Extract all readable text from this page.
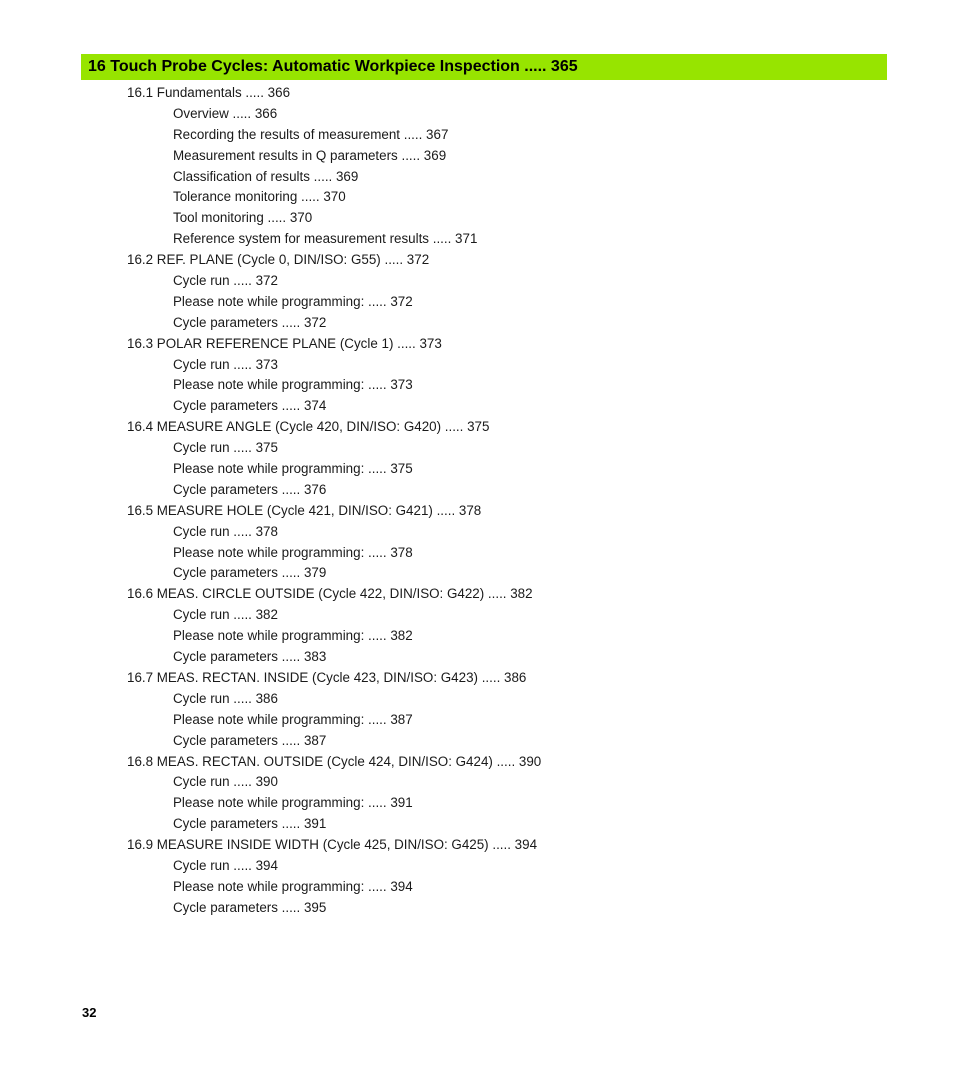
16 Touch Probe Cycles: Automatic Workpiece Inspection ..... 365
16.1 Fundamentals ..... 366
Overview ..... 366
Recording the results of measurement ..... 367
Measurement results in Q parameters ..... 369
Classification of results ..... 369
Tolerance monitoring ..... 370
Tool monitoring ..... 370
Reference system for measurement results ..... 371
16.2 REF. PLANE (Cycle 0, DIN/ISO: G55) ..... 372
Cycle run ..... 372
Please note while programming: ..... 372
Cycle parameters ..... 372
16.3 POLAR REFERENCE PLANE (Cycle 1) ..... 373
Cycle run ..... 373
Please note while programming: ..... 373
Cycle parameters ..... 374
16.4 MEASURE ANGLE (Cycle 420, DIN/ISO: G420) ..... 375
Cycle run ..... 375
Please note while programming: ..... 375
Cycle parameters ..... 376
16.5 MEASURE HOLE (Cycle 421, DIN/ISO: G421) ..... 378
Cycle run ..... 378
Please note while programming: ..... 378
Cycle parameters ..... 379
16.6 MEAS. CIRCLE OUTSIDE (Cycle 422, DIN/ISO: G422) ..... 382
Cycle run ..... 382
Please note while programming: ..... 382
Cycle parameters ..... 383
16.7 MEAS. RECTAN. INSIDE (Cycle 423, DIN/ISO: G423) ..... 386
Cycle run ..... 386
Please note while programming: ..... 387
Cycle parameters ..... 387
16.8 MEAS. RECTAN. OUTSIDE (Cycle 424, DIN/ISO: G424) ..... 390
Cycle run ..... 390
Please note while programming: ..... 391
Cycle parameters ..... 391
16.9 MEASURE INSIDE WIDTH (Cycle 425, DIN/ISO: G425) ..... 394
Cycle run ..... 394
Please note while programming: ..... 394
Cycle parameters ..... 395
32
